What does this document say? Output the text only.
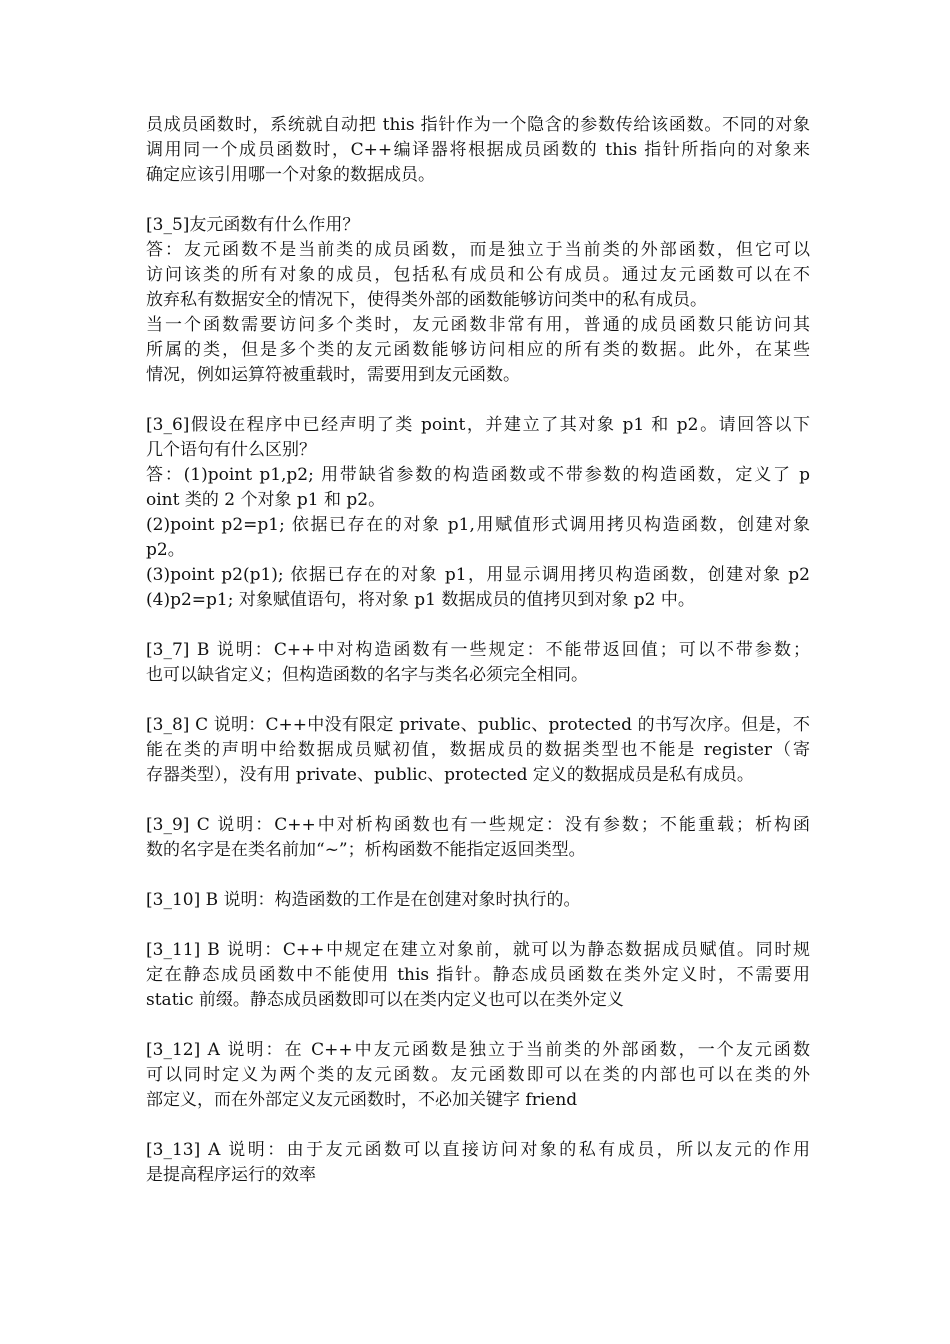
员成员函数时，系统就自动把 this 指针作为一个隐含的参数传给该函数。不同的对象
调用同一个成员函数时，C++编译器将根据成员函数的 this 指针所指向的对象来
确定应该引用哪一个对象的数据成员。
[3_5]友元函数有什么作用？
答：友元函数不是当前类的成员函数，而是独立于当前类的外部函数，但它可以
访问该类的所有对象的成员，包括私有成员和公有成员。通过友元函数可以在不
放弃私有数据安全的情况下，使得类外部的函数能够访问类中的私有成员。
当一个函数需要访问多个类时，友元函数非常有用，普通的成员函数只能访问其
所属的类，但是多个类的友元函数能够访问相应的所有类的数据。此外，在某些
情况，例如运算符被重载时，需要用到友元函数。
[3_6]假设在程序中已经声明了类 point，并建立了其对象 p1 和 p2。请回答以下
几个语句有什么区别？
答：(1)point p1,p2; 用带缺省参数的构造函数或不带参数的构造函数，定义了 p
oint 类的 2 个对象 p1 和 p2。
(2)point p2=p1; 依据已存在的对象 p1,用赋值形式调用拷贝构造函数，创建对象
p2。
(3)point p2(p1); 依据已存在的对象 p1，用显示调用拷贝构造函数，创建对象 p2
(4)p2=p1; 对象赋值语句，将对象 p1 数据成员的值拷贝到对象 p2 中。
[3_7] B 说明：C++中对构造函数有一些规定：不能带返回值；可以不带参数；
也可以缺省定义；但构造函数的名字与类名必须完全相同。
[3_8] C 说明：C++中没有限定 private、public、protected 的书写次序。但是，不
能在类的声明中给数据成员赋初值，数据成员的数据类型也不能是 register（寄
存器类型），没有用 private、public、protected 定义的数据成员是私有成员。
[3_9] C 说明：C++中对析构函数也有一些规定：没有参数；不能重载；析构函
数的名字是在类名前加“~”；析构函数不能指定返回类型。
[3_10] B 说明：构造函数的工作是在创建对象时执行的。
[3_11] B 说明：C++中规定在建立对象前，就可以为静态数据成员赋值。同时规
定在静态成员函数中不能使用 this 指针。静态成员函数在类外定义时，不需要用
static 前缀。静态成员函数即可以在类内定义也可以在类外定义
[3_12] A 说明：在 C++中友元函数是独立于当前类的外部函数，一个友元函数
可以同时定义为两个类的友元函数。友元函数即可以在类的内部也可以在类的外
部定义，而在外部定义友元函数时，不必加关键字 friend
[3_13] A 说明：由于友元函数可以直接访问对象的私有成员，所以友元的作用
是提高程序运行的效率
